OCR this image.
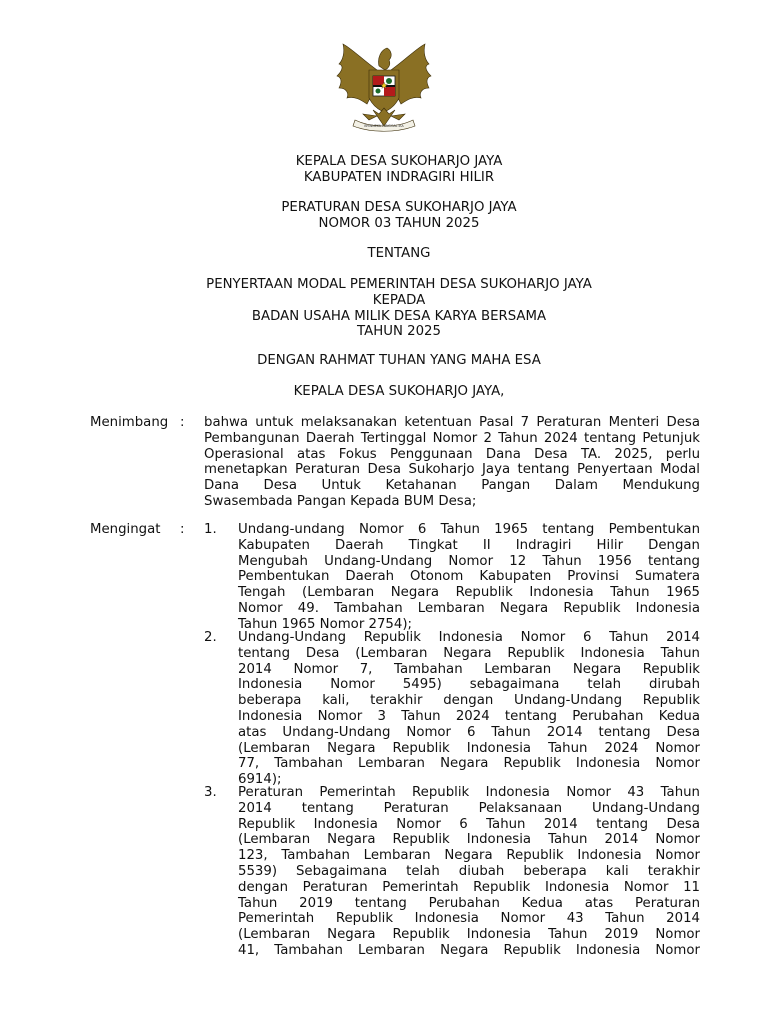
BHINNEKA TUNGGAL IKA
KEPALA DESA SUKOHARJO JAYA
KABUPATEN INDRAGIRI HILIR
PERATURAN DESA SUKOHARJO JAYA
NOMOR 03 TAHUN 2025
TENTANG
PENYERTAAN MODAL PEMERINTAH DESA SUKOHARJO JAYA
KEPADA
BADAN USAHA MILIK DESA KARYA BERSAMA
TAHUN 2025
DENGAN RAHMAT TUHAN YANG MAHA ESA
KEPALA DESA SUKOHARJO JAYA,
Menimbang : bahwa untuk melaksanakan ketentuan Pasal 7 Peraturan Menteri Desa
Pembangunan Daerah Tertinggal Nomor 2 Tahun 2024 tentang Petunjuk
Operasional atas Fokus Penggunaan Dana Desa TA. 2025, perlu
menetapkan Peraturan Desa Sukoharjo Jaya tentang Penyertaan Modal
Dana Desa Untuk Ketahanan Pangan Dalam Mendukung
Swasembada Pangan Kepada BUM Desa;
Mengingat : 1. Undang-undang Nomor 6 Tahun 1965 tentang Pembentukan
Kabupaten Daerah Tingkat II Indragiri Hilir Dengan
Mengubah Undang-Undang Nomor 12 Tahun 1956 tentang
Pembentukan Daerah Otonom Kabupaten Provinsi Sumatera
Tengah (Lembaran Negara Republik Indonesia Tahun 1965
Nomor 49. Tambahan Lembaran Negara Republik Indonesia
Tahun 1965 Nomor 2754);
2. Undang-Undang Republik Indonesia Nomor 6 Tahun 2014
tentang Desa (Lembaran Negara Republik Indonesia Tahun
2014 Nomor 7, Tambahan Lembaran Negara Republik
Indonesia Nomor 5495) sebagaimana telah dirubah
beberapa kali, terakhir dengan Undang-Undang Republik
Indonesia Nomor 3 Tahun 2024 tentang Perubahan Kedua
atas Undang-Undang Nomor 6 Tahun 2O14 tentang Desa
(Lembaran Negara Republik Indonesia Tahun 2024 Nomor
77, Tambahan Lembaran Negara Republik Indonesia Nomor
6914);
3. Peraturan Pemerintah Republik Indonesia Nomor 43 Tahun
2014 tentang Peraturan Pelaksanaan Undang-Undang
Republik Indonesia Nomor 6 Tahun 2014 tentang Desa
(Lembaran Negara Republik Indonesia Tahun 2014 Nomor
123, Tambahan Lembaran Negara Republik Indonesia Nomor
5539) Sebagaimana telah diubah beberapa kali terakhir
dengan Peraturan Pemerintah Republik Indonesia Nomor 11
Tahun 2019 tentang Perubahan Kedua atas Peraturan
Pemerintah Republik Indonesia Nomor 43 Tahun 2014
(Lembaran Negara Republik Indonesia Tahun 2019 Nomor
41, Tambahan Lembaran Negara Republik Indonesia Nomor
